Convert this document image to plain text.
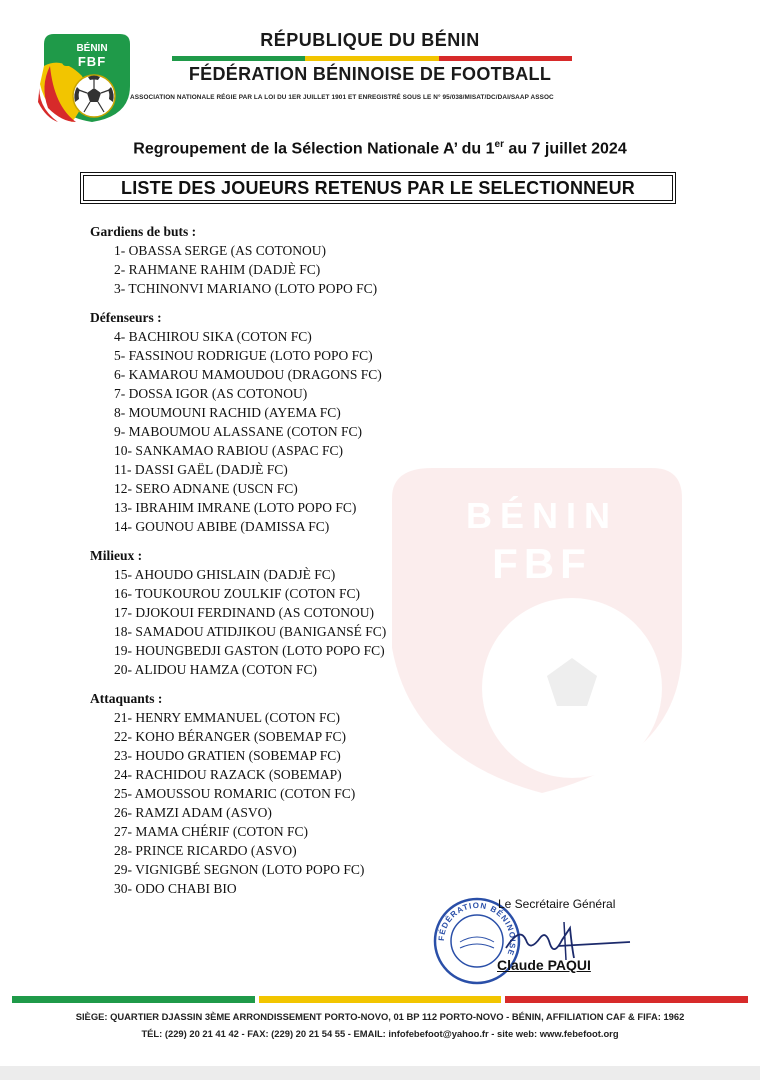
BÉNIN
FBF
RÉPUBLIQUE DU BÉNIN
FÉDÉRATION BÉNINOISE DE FOOTBALL
ASSOCIATION NATIONALE RÉGIE PAR LA LOI DU 1ER JUILLET 1901 ET ENREGISTRÉ SOUS LE N° 95/038/MISAT/DC/DAI/SAAP ASSOC
Regroupement de la Sélection Nationale A’ du 1er au 7 juillet 2024
LISTE DES JOUEURS RETENUS PAR LE SELECTIONNEUR
BÉNIN
FBF
Gardiens de buts :
1- OBASSA SERGE (AS COTONOU)
2- RAHMANE RAHIM (DADJÈ FC)
3- TCHINONVI MARIANO (LOTO POPO FC)
Défenseurs :
4- BACHIROU SIKA (COTON FC)
5- FASSINOU RODRIGUE (LOTO POPO FC)
6- KAMAROU MAMOUDOU (DRAGONS FC)
7- DOSSA IGOR (AS COTONOU)
8- MOUMOUNI RACHID (AYEMA FC)
9- MABOUMOU ALASSANE (COTON FC)
10- SANKAMAO RABIOU (ASPAC FC)
11- DASSI GAËL (DADJÈ FC)
12- SERO ADNANE (USCN FC)
13- IBRAHIM IMRANE (LOTO POPO FC)
14- GOUNOU ABIBE (DAMISSA FC)
Milieux :
15- AHOUDO GHISLAIN (DADJÈ FC)
16- TOUKOUROU ZOULKIF (COTON FC)
17- DJOKOUI FERDINAND (AS COTONOU)
18- SAMADOU ATIDJIKOU (BANIGANSÉ FC)
19- HOUNGBEDJI GASTON (LOTO POPO FC)
20- ALIDOU HAMZA (COTON FC)
Attaquants :
21- HENRY EMMANUEL (COTON FC)
22- KOHO BÉRANGER (SOBEMAP FC)
23- HOUDO GRATIEN (SOBEMAP FC)
24- RACHIDOU RAZACK (SOBEMAP)
25- AMOUSSOU ROMARIC (COTON FC)
26- RAMZI ADAM (ASVO)
27- MAMA CHÉRIF (COTON FC)
28- PRINCE RICARDO (ASVO)
29- VIGNIGBÉ SEGNON (LOTO POPO FC)
30- ODO CHABI BIO
FÉDÉRATION BÉNINOISE
Le Secrétaire Général
Claude PAQUI
SIÈGE: QUARTIER DJASSIN 3ÈME ARRONDISSEMENT PORTO-NOVO, 01 BP 112 PORTO-NOVO - BÉNIN, AFFILIATION CAF & FIFA: 1962
TÉL: (229) 20 21 41 42 - FAX: (229) 20 21 54 55 - EMAIL: infofebefoot@yahoo.fr - site web: www.febefoot.org
